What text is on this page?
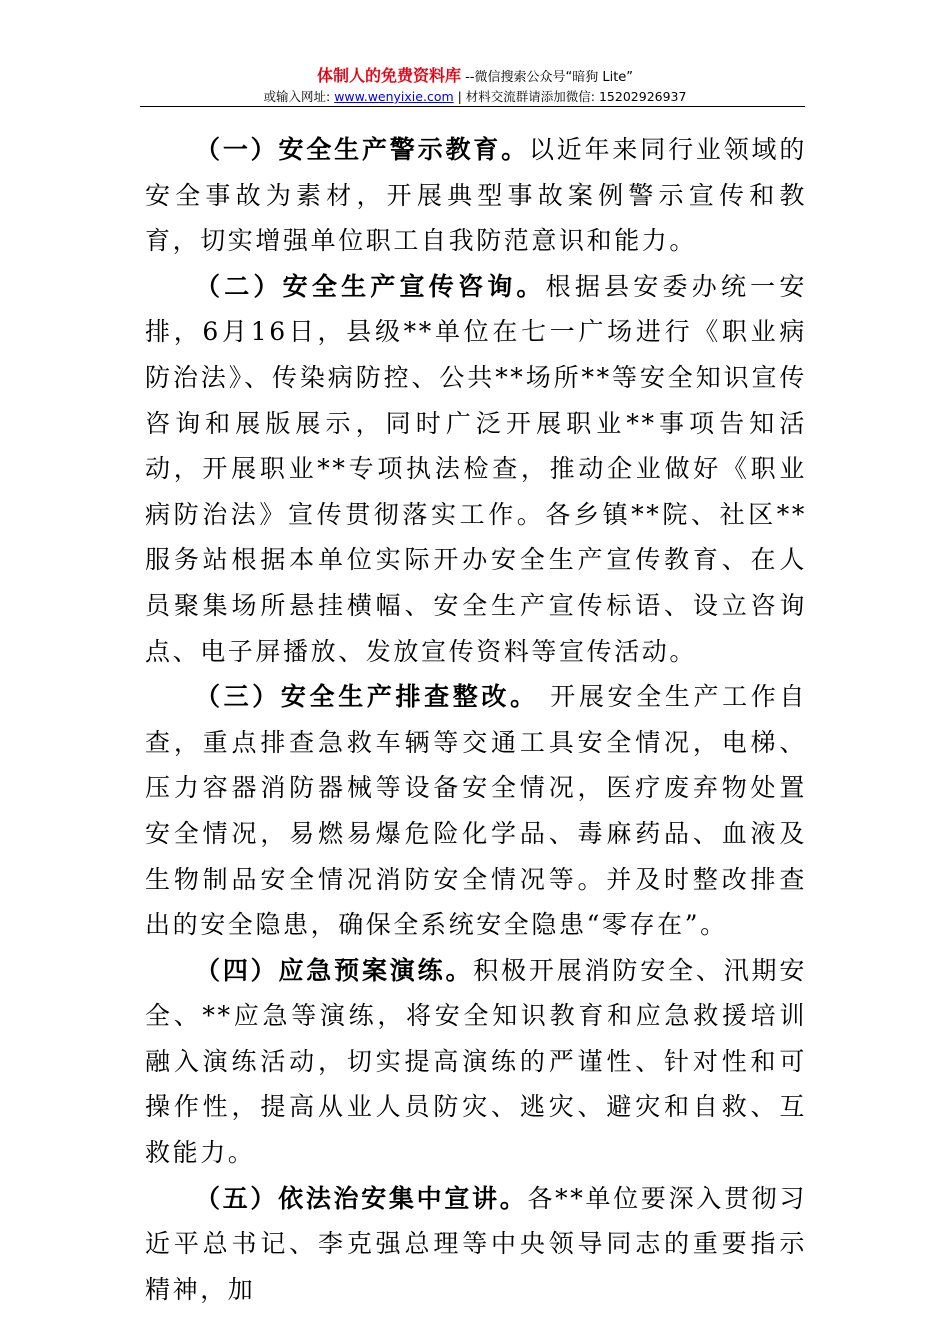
体制人的免费资料库 --微信搜索公众号“暗狗 Lite”
或输入网址: www.wenyixie.com | 材料交流群请添加微信: 15202926937

（一）安全生产警示教育。以近年来同行业领域的安全事故为素材，开展典型事故案例警示宣传和教育，切实增强单位职工自我防范意识和能力。

（二）安全生产宣传咨询。根据县安委办统一安排，6月16日，县级**单位在七一广场进行《职业病防治法》、传染病防控、公共**场所**等安全知识宣传咨询和展版展示，同时广泛开展职业**事项告知活动，开展职业**专项执法检查，推动企业做好《职业病防治法》宣传贯彻落实工作。各乡镇**院、社区**服务站根据本单位实际开办安全生产宣传教育、在人员聚集场所悬挂横幅、安全生产宣传标语、设立咨询点、电子屏播放、发放宣传资料等宣传活动。

（三）安全生产排查整改。 开展安全生产工作自查，重点排查急救车辆等交通工具安全情况，电梯、压力容器消防器械等设备安全情况，医疗废弃物处置安全情况，易燃易爆危险化学品、毒麻药品、血液及生物制品安全情况消防安全情况等。并及时整改排查出的安全隐患，确保全系统安全隐患“零存在”。

（四）应急预案演练。积极开展消防安全、汛期安全、**应急等演练，将安全知识教育和应急救援培训融入演练活动，切实提高演练的严谨性、针对性和可操作性，提高从业人员防灾、逃灾、避灾和自救、互救能力。

（五）依法治安集中宣讲。各**单位要深入贯彻习近平总书记、李克强总理等中央领导同志的重要指示精神，加
